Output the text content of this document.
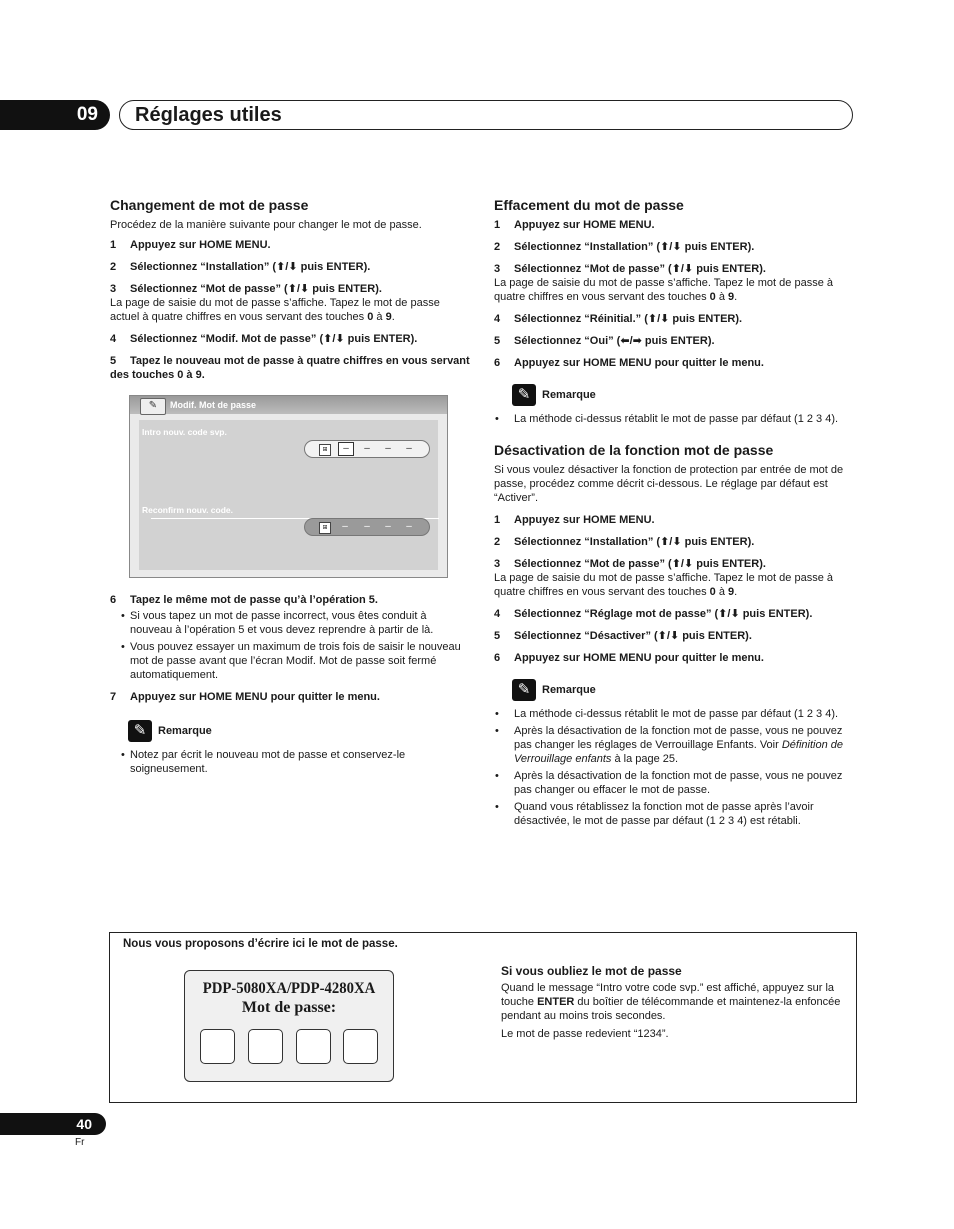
09	Réglages utiles
Changement de mot de passe

Procédez de la manière suivante pour changer le mot de passe.

1	Appuyez sur HOME MENU.

2	Sélectionnez “Installation” (⬆/⬇ puis ENTER).

3	Sélectionnez “Mot de passe” (⬆/⬇ puis ENTER).

La page de saisie du mot de passe s’affiche. Tapez le mot de passe actuel à quatre chiffres en vous servant des touches 0 à 9.

4	Sélectionnez “Modif. Mot de passe” (⬆/⬇ puis ENTER).

5 Tapez le nouveau mot de passe à quatre chiffres en vous servant des touches 0 à 9.

✎	Modif. Mot de passe
Intro nouv. code svp.
⊞	–	–	–	–
Reconfirm nouv. code.
⊞	–	–	–	–

6	Tapez le même mot de passe qu’à l’opération 5.

• Si vous tapez un mot de passe incorrect, vous êtes conduit à nouveau à l’opération 5 et vous devez reprendre à partir de là.

• Vous pouvez essayer un maximum de trois fois de saisir le nouveau mot de passe avant que l’écran Modif. Mot de passe soit fermé automatiquement.

7	Appuyez sur HOME MENU pour quitter le menu.

✎	Remarque

• Notez par écrit le nouveau mot de passe et conservez-le soigneusement.

Effacement du mot de passe

1	Appuyez sur HOME MENU.

2	Sélectionnez “Installation” (⬆/⬇ puis ENTER).

3	Sélectionnez “Mot de passe” (⬆/⬇ puis ENTER).

La page de saisie du mot de passe s’affiche. Tapez le mot de passe à quatre chiffres en vous servant des touches 0 à 9.

4	Sélectionnez “Réinitial.” (⬆/⬇ puis ENTER).

5	Sélectionnez “Oui” (⬅/➡ puis ENTER).

6	Appuyez sur HOME MENU pour quitter le menu.

✎	Remarque

• La méthode ci-dessus rétablit le mot de passe par défaut (1 2 3 4).

Désactivation de la fonction mot de passe

Si vous voulez désactiver la fonction de protection par entrée de mot de passe, procédez comme décrit ci-dessous. Le réglage par défaut est “Activer”.

1	Appuyez sur HOME MENU.

2	Sélectionnez “Installation” (⬆/⬇ puis ENTER).

3	Sélectionnez “Mot de passe” (⬆/⬇ puis ENTER).

La page de saisie du mot de passe s’affiche. Tapez le mot de passe à quatre chiffres en vous servant des touches 0 à 9.

4	Sélectionnez “Réglage mot de passe” (⬆/⬇ puis ENTER).

5	Sélectionnez “Désactiver” (⬆/⬇ puis ENTER).

6	Appuyez sur HOME MENU pour quitter le menu.

✎	Remarque

• La méthode ci-dessus rétablit le mot de passe par défaut (1 2 3 4).

• Après la désactivation de la fonction mot de passe, vous ne pouvez pas changer les réglages de Verrouillage Enfants. Voir Définition de Verrouillage enfants à la page 25.

• Après la désactivation de la fonction mot de passe, vous ne pouvez pas changer ou effacer le mot de passe.

• Quand vous rétablissez la fonction mot de passe après l’avoir désactivée, le mot de passe par défaut (1 2 3 4) est rétabli.

Nous vous proposons d’écrire ici le mot de passe.
PDP-5080XA/PDP-4280XA
Mot de passe:
Si vous oubliez le mot de passe

Quand le message “Intro votre code svp.” est affiché, appuyez sur la touche ENTER du boîtier de télécommande et maintenez-la enfoncée pendant au moins trois secondes.

Le mot de passe redevient “1234”.

40
Fr
